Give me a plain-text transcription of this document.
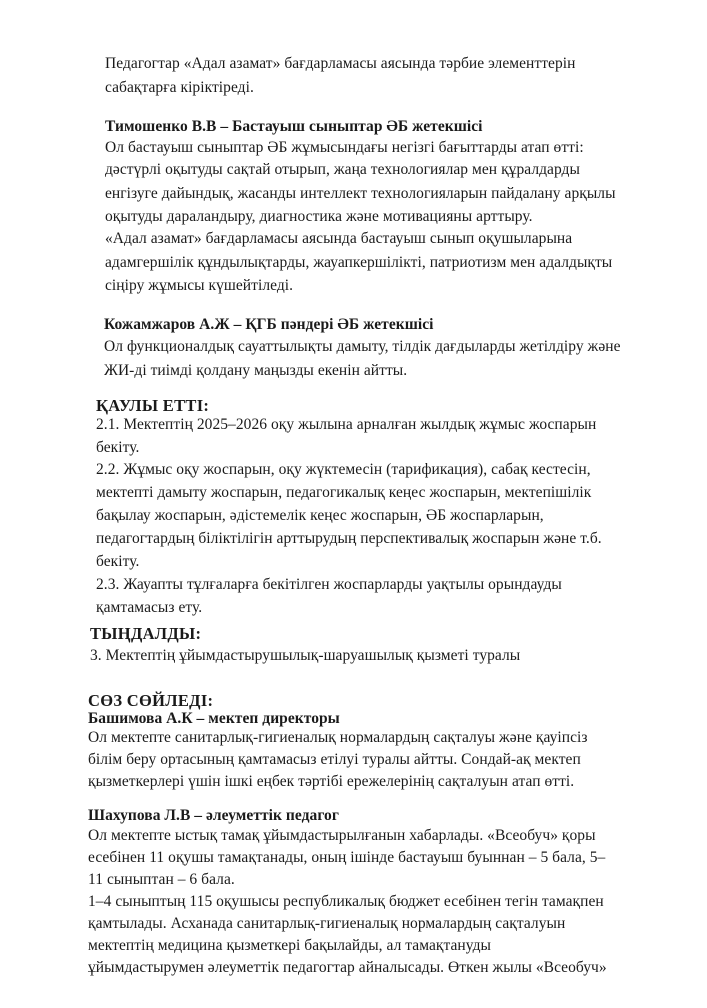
Педагогтар «Адал азамат» бағдарламасы аясында тәрбие элементтерін
сабақтарға кіріктіреді.
Тимошенко В.В – Бастауыш сыныптар ӘБ жетекшісі
Ол бастауыш сыныптар ӘБ жұмысындағы негізгі бағыттарды атап өтті:
дәстүрлі оқытуды сақтай отырып, жаңа технологиялар мен құралдарды
енгізуге дайындық, жасанды интеллект технологияларын пайдалану арқылы
оқытуды дараландыру, диагностика және мотивацияны арттыру.
«Адал азамат» бағдарламасы аясында бастауыш сынып оқушыларына
адамгершілік құндылықтарды, жауапкершілікті, патриотизм мен адалдықты
сіңіру жұмысы күшейтіледі.
Кожамжаров А.Ж – ҚГБ пәндері ӘБ жетекшісі
Ол функционалдық сауаттылықты дамыту, тілдік дағдыларды жетілдіру және
ЖИ-ді тиімді қолдану маңызды екенін айтты.
ҚАУЛЫ ЕТТІ:
2.1. Мектептің 2025–2026 оқу жылына арналған жылдық жұмыс жоспарын
бекіту.
2.2. Жұмыс оқу жоспарын, оқу жүктемесін (тарификация), сабақ кестесін,
мектепті дамыту жоспарын, педагогикалық кеңес жоспарын, мектепішілік
бақылау жоспарын, әдістемелік кеңес жоспарын, ӘБ жоспарларын,
педагогтардың біліктілігін арттырудың перспективалық жоспарын және т.б.
бекіту.
2.3. Жауапты тұлғаларға бекітілген жоспарларды уақтылы орындауды
қамтамасыз ету.
ТЫҢДАЛДЫ:
3. Мектептің ұйымдастырушылық-шаруашылық қызметі туралы
СӨЗ СӨЙЛЕДІ:
Башимова А.К – мектеп директоры
Ол мектепте санитарлық-гигиеналық нормалардың сақталуы және қауіпсіз
білім беру ортасының қамтамасыз етілуі туралы айтты. Сондай-ақ мектеп
қызметкерлері үшін ішкі еңбек тәртібі ережелерінің сақталуын атап өтті.
Шахупова Л.В – әлеуметтік педагог
Ол мектепте ыстық тамақ ұйымдастырылғанын хабарлады. «Всеобуч» қоры
есебінен 11 оқушы тамақтанады, оның ішінде бастауыш буыннан – 5 бала, 5–
11 сыныптан – 6 бала.
1–4 сыныптың 115 оқушысы республикалық бюджет есебінен тегін тамақпен
қамтылады. Асханада санитарлық-гигиеналық нормалардың сақталуын
мектептің медицина қызметкері бақылайды, ал тамақтануды
ұйымдастырумен әлеуметтік педагогтар айналысады. Өткен жылы «Всеобуч»
